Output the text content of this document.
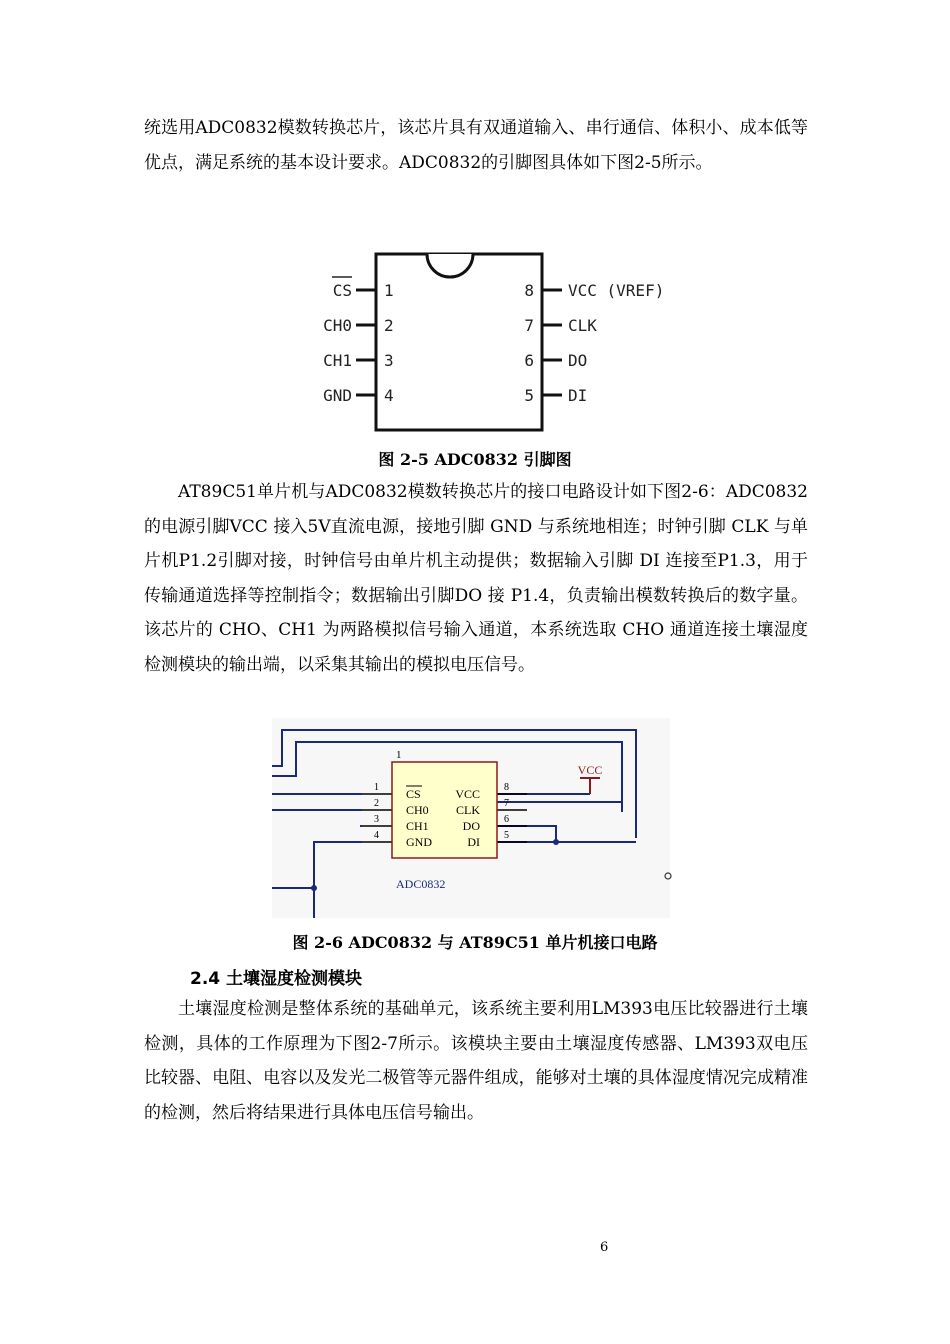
统选用ADC0832模数转换芯片，该芯片具有双通道输入、串行通信、体积小、成本低等优点，满足系统的基本设计要求。ADC0832的引脚图具体如下图2-5所示。

CS
CH0
CH1
GND
1
2
3
4
8
7
6
5
VCC (VREF)
CLK
DO
DI

图 2-5 ADC0832 引脚图

AT89C51单片机与ADC0832模数转换芯片的接口电路设计如下图2-6：ADC0832 的电源引脚VCC 接入5V直流电源，接地引脚 GND 与系统地相连；时钟引脚 CLK 与单片机P1.2引脚对接，时钟信号由单片机主动提供；数据输入引脚 DI 连接至P1.3，用于传输通道选择等控制指令；数据输出引脚DO 接 P1.4，负责输出模数转换后的数字量。该芯片的 CHO、CH1 为两路模拟信号输入通道，本系统选取 CHO 通道连接土壤湿度检测模块的输出端，以采集其输出的模拟电压信号。

VCC
1
CS
CH0
CH1
GND
VCC
CLK
DO
DI
1
2
3
4
8
7
6
5
ADC0832

图 2-6 ADC0832 与 AT89C51 单片机接口电路

2.4 土壤湿度检测模块

土壤湿度检测是整体系统的基础单元，该系统主要利用LM393电压比较器进行土壤检测，具体的工作原理为下图2-7所示。该模块主要由土壤湿度传感器、LM393双电压比较器、电阻、电容以及发光二极管等元器件组成，能够对土壤的具体湿度情况完成精准的检测，然后将结果进行具体电压信号输出。

6
